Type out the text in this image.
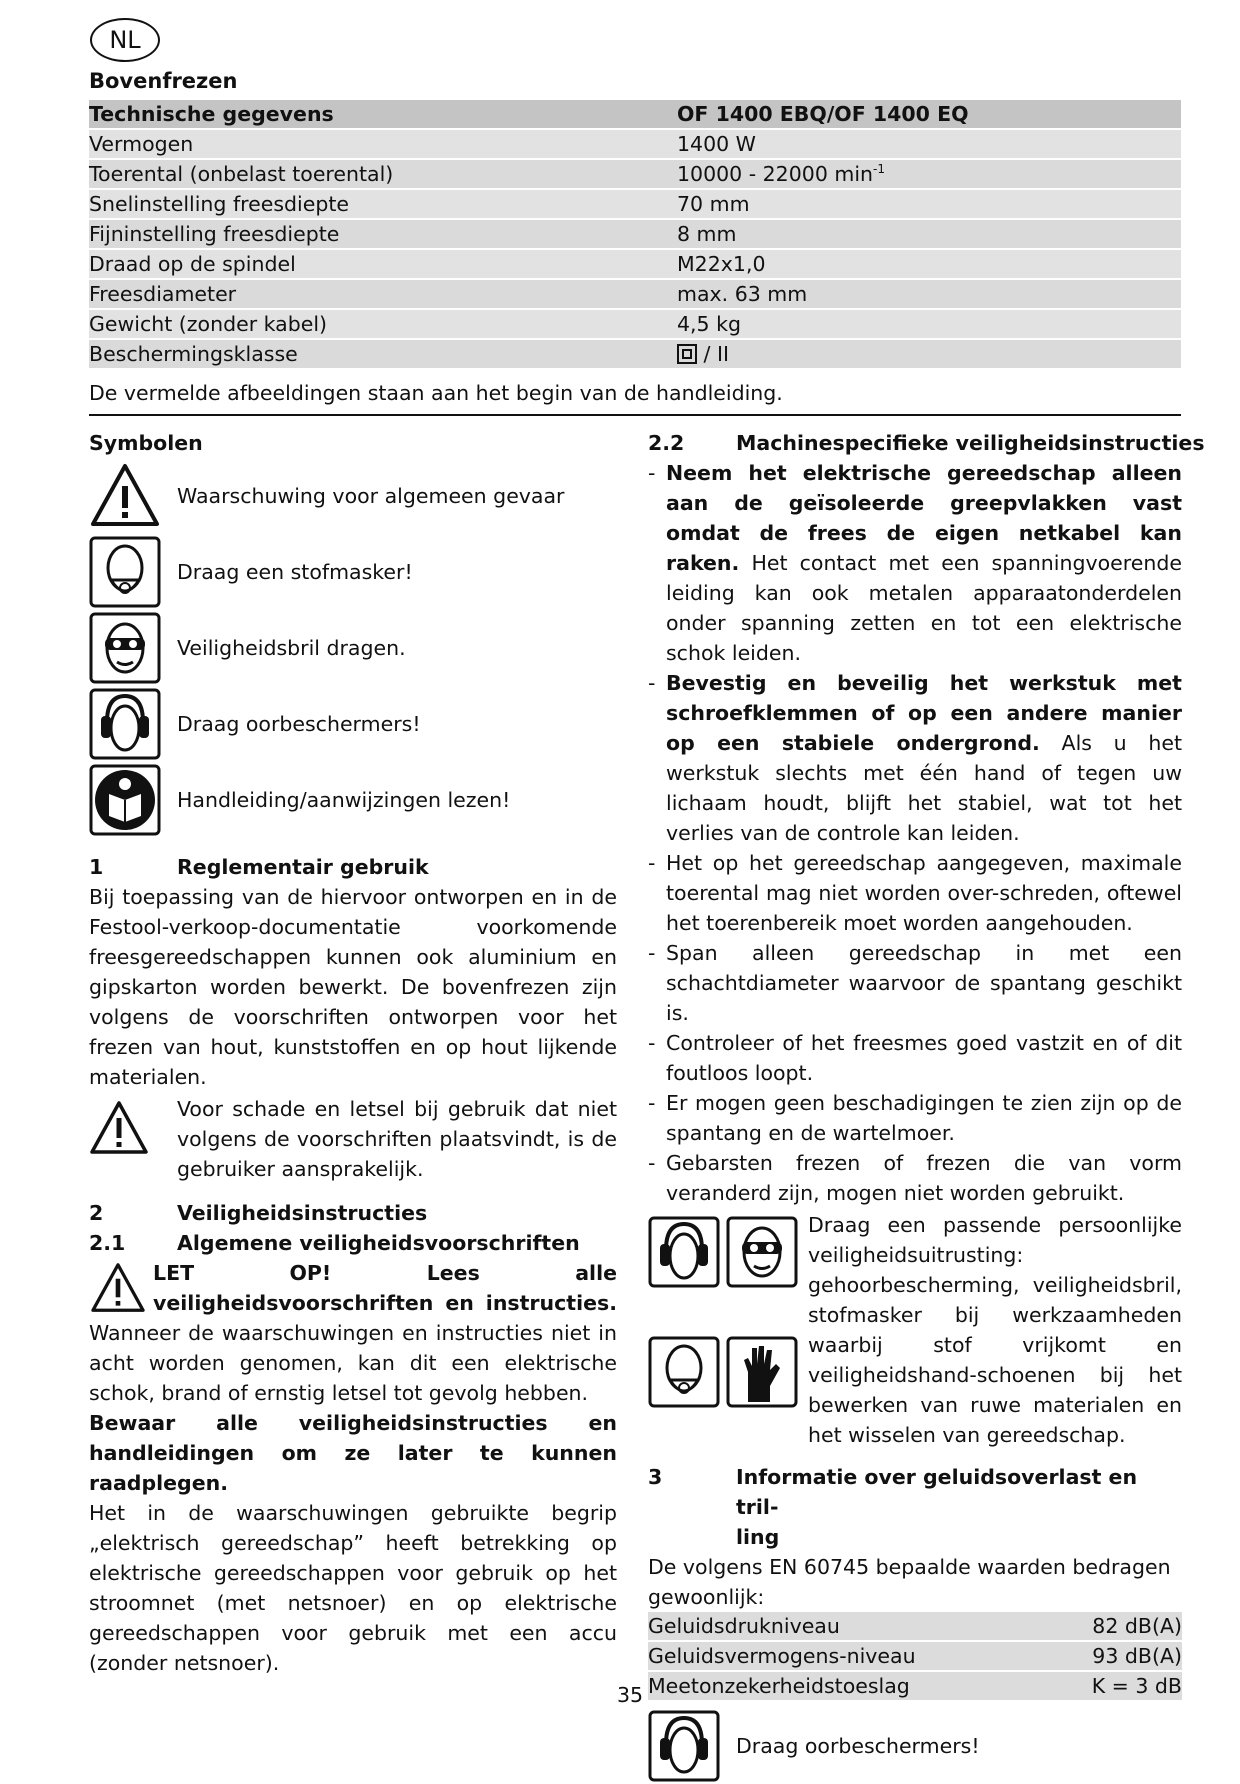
NL
Bovenfrezen
Technische gegevens	OF 1400 EBQ/OF 1400 EQ
Vermogen	1400 W
Toerental (onbelast toerental)	10000 - 22000 $\min^{-1}$
Snelinstelling freesdiepte	70 mm
Fijninstelling freesdiepte	8 mm
Draad op de spindel	M22x1,0
Freesdiameter	max. 63 mm
Gewicht (zonder kabel)	4,5 kg
Beschermingsklasse	/ II
De vermelde afbeeldingen staan aan het begin van de handleiding.
Symbolen
Waarschuwing voor algemeen gevaar
Draag een stofmasker!
Veiligheidsbril dragen.
Draag oorbeschermers!
Handleiding/aanwijzingen lezen!
1	Reglementair gebruik
Bij toepassing van de hiervoor ontworpen en in de Festool-verkoop-documentatie voorkomende freesgereedschappen kunnen ook aluminium en gipskarton worden bewerkt. De bovenfrezen zijn volgens de voorschriften ontworpen voor het frezen van hout, kunststoffen en op hout lijkende materialen.
Voor schade en letsel bij gebruik dat niet volgens de voorschriften plaatsvindt, is de gebruiker aansprakelijk.
2	Veiligheidsinstructies
2.1	Algemene veiligheidsvoorschriften
LET OP! Lees alle veiligheidsvoorschriften en instructies. Wanneer de waarschuwingen en instructies niet in acht worden genomen, kan dit een elektrische schok, brand of ernstig letsel tot gevolg hebben.
Bewaar alle veiligheidsinstructies en handleidingen om ze later te kunnen raadplegen.
Het in de waarschuwingen gebruikte begrip „elektrisch gereedschap” heeft betrekking op elektrische gereedschappen voor gebruik op het stroomnet (met netsnoer) en op elektrische gereedschappen voor gebruik met een accu (zonder netsnoer).
2.2	Machinespecifieke veiligheidsinstructies
- Neem het elektrische gereedschap alleen aan de geïsoleerde greepvlakken vast omdat de frees de eigen netkabel kan raken. Het contact met een spanningvoerende leiding kan ook metalen apparaatonderdelen onder spanning zetten en tot een elektrische schok leiden.
- Bevestig en beveilig het werkstuk met schroefklemmen of op een andere manier op een stabiele ondergrond. Als u het werkstuk slechts met één hand of tegen uw lichaam houdt, blijft het stabiel, wat tot het verlies van de controle kan leiden.
- Het op het gereedschap aangegeven, maximale toerental mag niet worden over-schreden, oftewel het toerenbereik moet worden aangehouden.
- Span alleen gereedschap in met een schachtdiameter waarvoor de spantang geschikt is.
- Controleer of het freesmes goed vastzit en of dit foutloos loopt.
- Er mogen geen beschadigingen te zien zijn op de spantang en de wartelmoer.
- Gebarsten frezen of frezen die van vorm veranderd zijn, mogen niet worden gebruikt.
Draag een passende persoonlijke veiligheidsuitrusting: gehoorbescherming, veiligheidsbril, stofmasker bij werkzaamheden waarbij stof vrijkomt en veiligheidshand-schoenen bij het bewerken van ruwe materialen en het wisselen van gereedschap.
3	Informatie over geluidsoverlast en tril-
ling
De volgens EN 60745 bepaalde waarden bedragen gewoonlijk:
Geluidsdrukniveau	82 dB(A)
Geluidsvermogens-niveau	93 dB(A)
Meetonzekerheidstoeslag	K = 3 dB
Draag oorbeschermers!
35
